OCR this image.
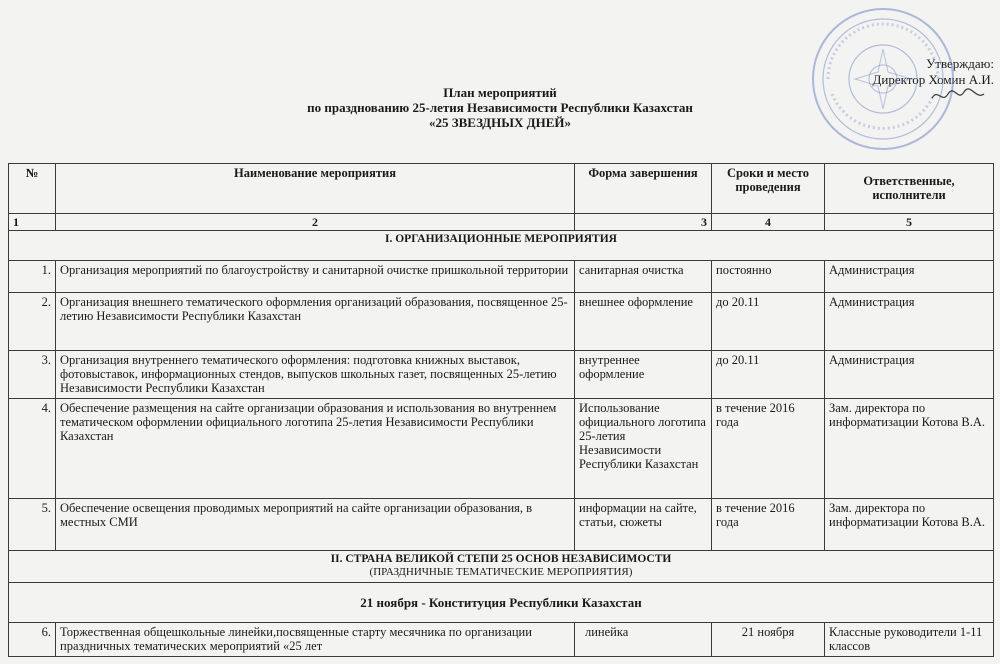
Утверждаю:
Директор Хомин А.И.
План мероприятий
по празднованию 25-летия Независимости Республики Казахстан
«25 ЗВЕЗДНЫХ ДНЕЙ»
№	Наименование мероприятия	Форма завершения	Сроки и место проведения	Ответственные, исполнители
1	2	3	4	5
I. ОРГАНИЗАЦИОННЫЕ МЕРОПРИЯТИЯ				
1.	Организация мероприятий по благоустройству и санитарной очистке пришкольной территории	санитарная очистка	постоянно	Администрация
2.	Организация внешнего тематического оформления организаций образования, посвященное 25-летию Независимости Республики Казахстан	внешнее оформление	до 20.11	Администрация
3.	Организация внутреннего тематического оформления: подготовка книжных выставок, фотовыставок, информационных стендов, выпусков школьных газет, посвященных 25-летию Независимости Республики Казахстан	внутреннее оформление	до 20.11	Администрация
4.	Обеспечение размещения на сайте организации образования и использования во внутреннем тематическом оформлении официального логотипа 25-летия Независимости Республики Казахстан	Использование официального логотипа 25-летия Независимости Республики Казахстан	в течение 2016 года	Зам. директора по информатизации Котова В.А.
5.	Обеспечение освещения проводимых мероприятий на сайте организации образования, в местных СМИ	информации на сайте, статьи, сюжеты	в течение 2016 года	Зам. директора по информатизации Котова В.А.

II. СТРАНА ВЕЛИКОЙ СТЕПИ 25 ОСНОВ НЕЗАВИСИМОСТИ
(ПРАЗДНИЧНЫЕ ТЕМАТИЧЕСКИЕ МЕРОПРИЯТИЯ)				

21 ноября - Конституция Республики Казахстан				
6.	Торжественная общешкольные линейки,посвященные старту месячника по организации праздничных тематических мероприятий «25 лет	линейка	21 ноября	Классные руководители 1-11 классов
